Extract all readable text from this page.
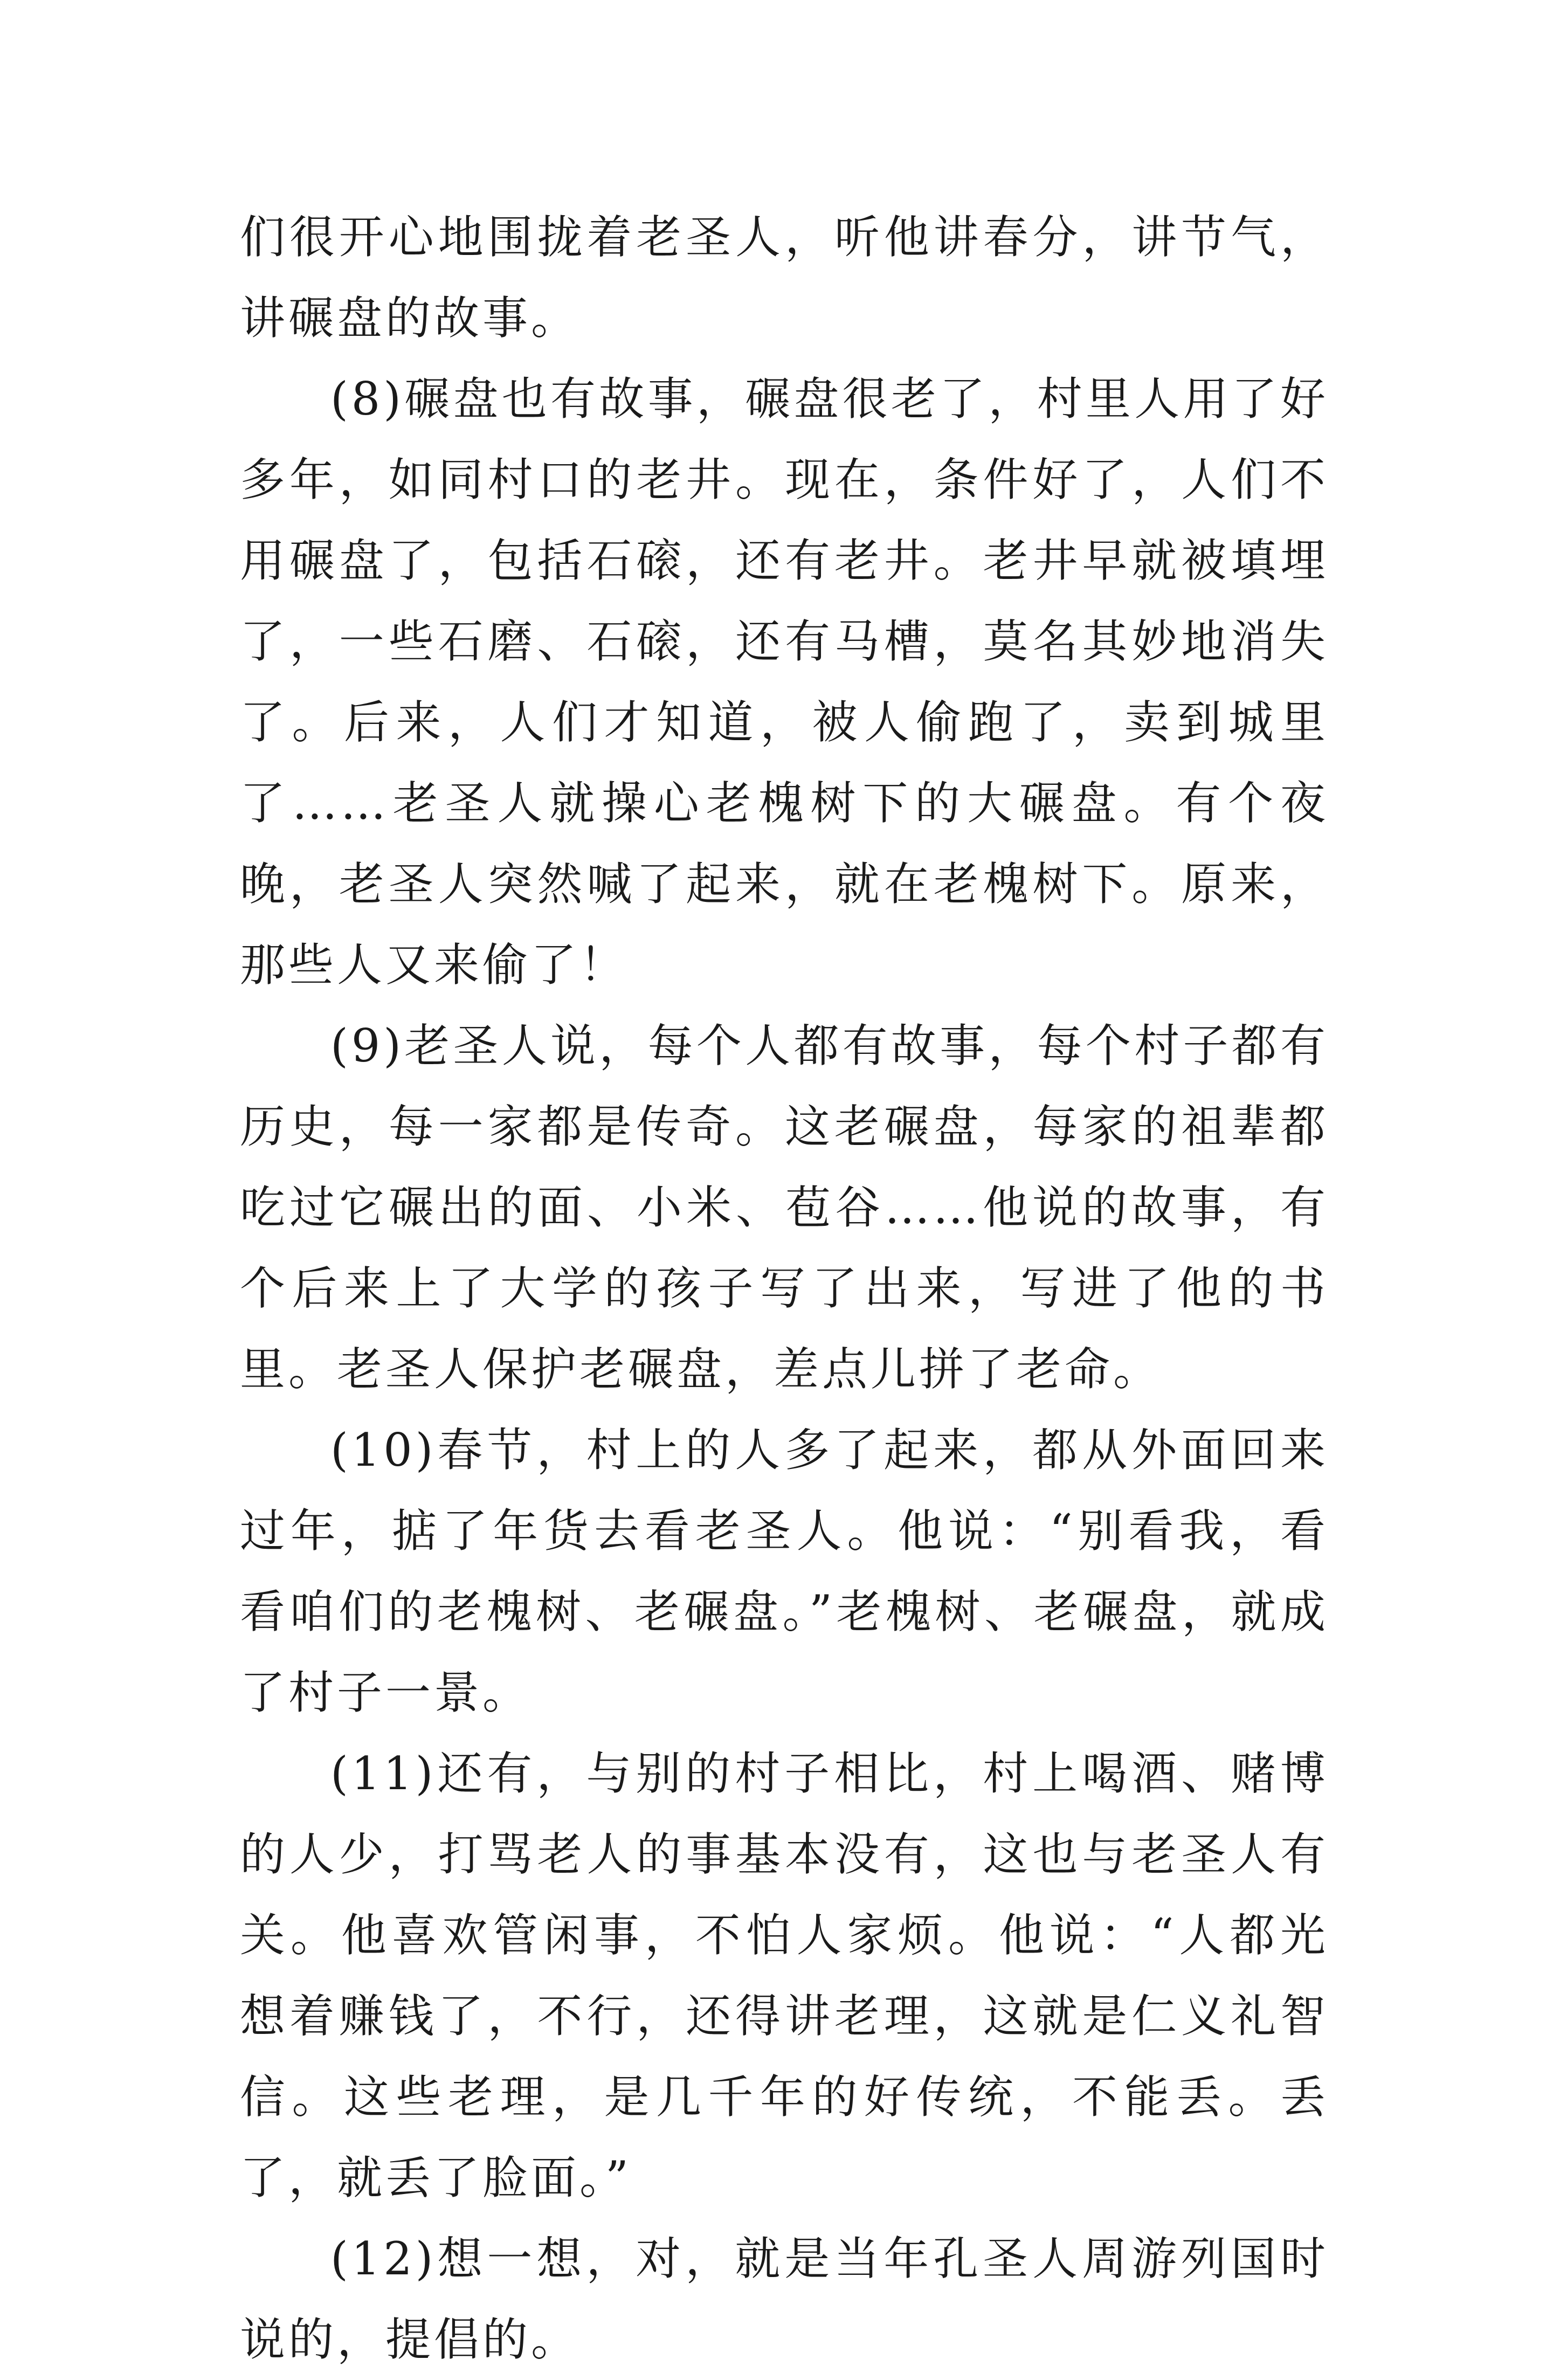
们很开心地围拢着老圣人，听他讲春分，讲节气，讲碾盘的故事。

(8)碾盘也有故事，碾盘很老了，村里人用了好多年，如同村口的老井。现在，条件好了，人们不用碾盘了，包括石磙，还有老井。老井早就被填埋了，一些石磨、石磙，还有马槽，莫名其妙地消失了。后来，人们才知道，被人偷跑了，卖到城里了……老圣人就操心老槐树下的大碾盘。有个夜晚，老圣人突然喊了起来，就在老槐树下。原来，那些人又来偷了！

(9)老圣人说，每个人都有故事，每个村子都有历史，每一家都是传奇。这老碾盘，每家的祖辈都吃过它碾出的面、小米、苞谷……他说的故事，有个后来上了大学的孩子写了出来，写进了他的书里。老圣人保护老碾盘，差点儿拼了老命。

(10)春节，村上的人多了起来，都从外面回来过年，掂了年货去看老圣人。他说：“别看我，看看咱们的老槐树、老碾盘。”老槐树、老碾盘，就成了村子一景。

(11)还有，与别的村子相比，村上喝酒、赌博的人少，打骂老人的事基本没有，这也与老圣人有关。他喜欢管闲事，不怕人家烦。他说：“人都光想着赚钱了，不行，还得讲老理，这就是仁义礼智信。这些老理，是几千年的好传统，不能丢。丢了，就丢了脸面。”

(12)想一想，对，就是当年孔圣人周游列国时说的，提倡的。
